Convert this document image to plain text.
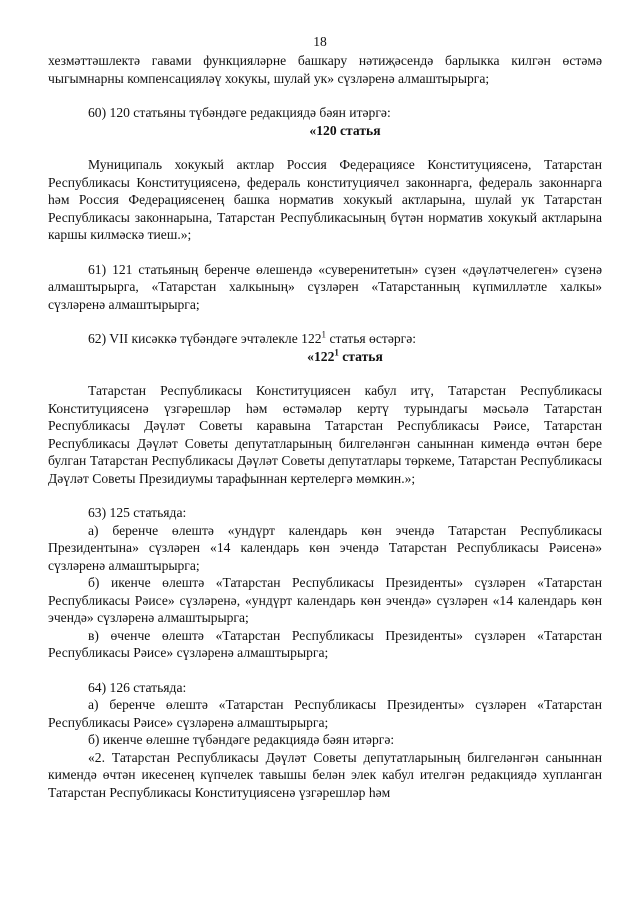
18

хезмәттәшлектә гавами функцияләрне башкару нәтиҗәсендә барлыкка килгән өстәмә чыгымнарны компенсацияләү хокукы, шулай ук» сүзләренә алмаштырырга;

60) 120 статьяны түбәндәге редакциядә бәян итәргә:

«120 статья

Муниципаль хокукый актлар Россия Федерациясе Конституциясенә, Татарстан Республикасы Конституциясенә, федераль конституциячел законнарга, федераль законнарга һәм Россия Федерациясенең башка норматив хокукый актларына, шулай ук Татарстан Республикасы законнарына, Татарстан Республикасының бүтән норматив хокукый актларына каршы килмәскә тиеш.»;

61) 121 статьяның беренче өлешендә «суверенитетын» сүзен «дәүләтчелеген» сүзенә алмаштырырга, «Татарстан халкының» сүзләрен «Татарстанның күпмилләтле халкы» сүзләренә алмаштырырга;

62) VII кисәккә түбәндәге эчтәлекле $122^1$ статья өстәргә:

«$122^1$ статья

Татарстан Республикасы Конституциясен кабул итү, Татарстан Республикасы Конституциясенә үзгәрешләр һәм өстәмәләр кертү турындагы мәсьәлә Татарстан Республикасы Дәүләт Советы каравына Татарстан Республикасы Рәисе, Татарстан Республикасы Дәүләт Советы депутатларының билгеләнгән саныннан кимендә өчтән бере булган Татарстан Республикасы Дәүләт Советы депутатлары төркеме, Татарстан Республикасы Дәүләт Советы Президиумы тарафыннан кертелергә мөмкин.»;

63) 125 статьяда:

а) беренче өлештә «ундүрт календарь көн эчендә Татарстан Республикасы Президентына» сүзләрен «14 календарь көн эчендә Татарстан Республикасы Рәисенә» сүзләренә алмаштырырга;

б) икенче өлештә «Татарстан Республикасы Президенты» сүзләрен «Татарстан Республикасы Рәисе» сүзләренә, «ундүрт календарь көн эчендә» сүзләрен «14 календарь көн эчендә» сүзләренә алмаштырырга;

в) өченче өлештә «Татарстан Республикасы Президенты» сүзләрен «Татарстан Республикасы Рәисе» сүзләренә алмаштырырга;

64) 126 статьяда:

а) беренче өлештә «Татарстан Республикасы Президенты» сүзләрен «Татарстан Республикасы Рәисе» сүзләренә алмаштырырга;

б) икенче өлешне түбәндәге редакциядә бәян итәргә:

«2. Татарстан Республикасы Дәүләт Советы депутатларының билгеләнгән саныннан кимендә өчтән икесенең күпчелек тавышы белән элек кабул ителгән редакциядә хупланган Татарстан Республикасы Конституциясенә үзгәрешләр һәм
